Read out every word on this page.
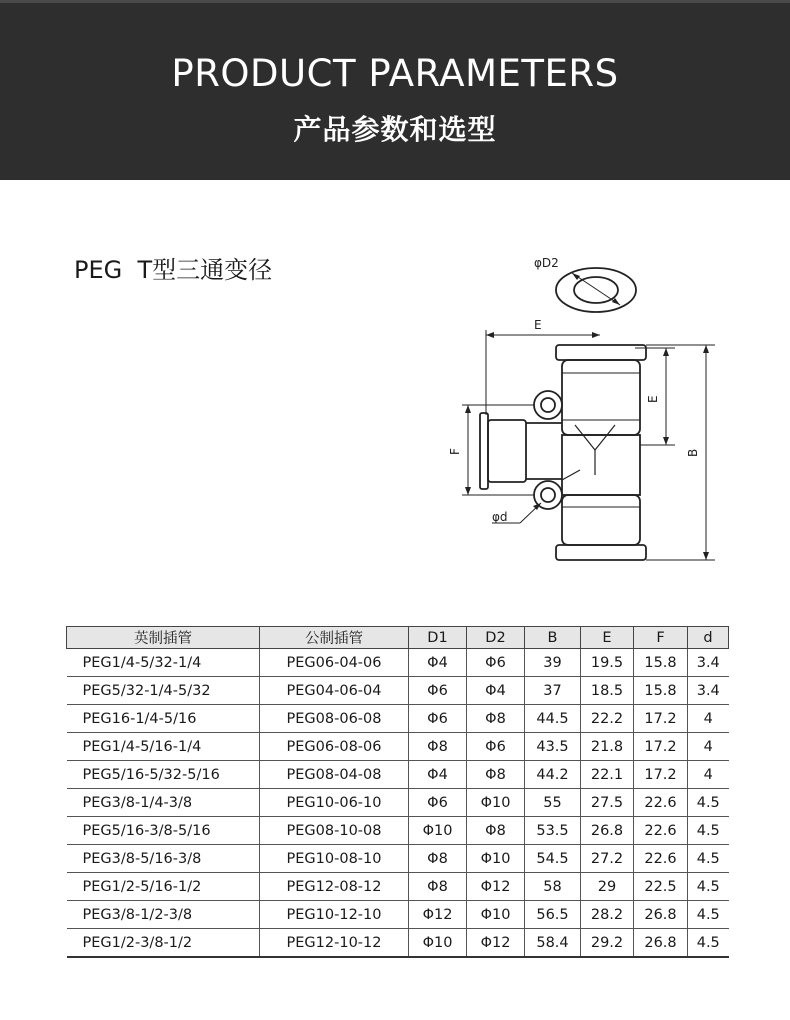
PRODUCT PARAMETERS
产品参数和选型
PEG  T型三通变径	φD2
E
E
B
F
φd
英制插管	公制插管	D1	D2	B	E	F	d
PEG1/4-5/32-1/4	PEG06-04-06	Φ4	Φ6	39	19.5	15.8	3.4
PEG5/32-1/4-5/32	PEG04-06-04	Φ6	Φ4	37	18.5	15.8	3.4
PEG16-1/4-5/16	PEG08-06-08	Φ6	Φ8	44.5	22.2	17.2	4
PEG1/4-5/16-1/4	PEG06-08-06	Φ8	Φ6	43.5	21.8	17.2	4
PEG5/16-5/32-5/16	PEG08-04-08	Φ4	Φ8	44.2	22.1	17.2	4
PEG3/8-1/4-3/8	PEG10-06-10	Φ6	Φ10	55	27.5	22.6	4.5
PEG5/16-3/8-5/16	PEG08-10-08	Φ10	Φ8	53.5	26.8	22.6	4.5
PEG3/8-5/16-3/8	PEG10-08-10	Φ8	Φ10	54.5	27.2	22.6	4.5
PEG1/2-5/16-1/2	PEG12-08-12	Φ8	Φ12	58	29	22.5	4.5
PEG3/8-1/2-3/8	PEG10-12-10	Φ12	Φ10	56.5	28.2	26.8	4.5
PEG1/2-3/8-1/2	PEG12-10-12	Φ10	Φ12	58.4	29.2	26.8	4.5
